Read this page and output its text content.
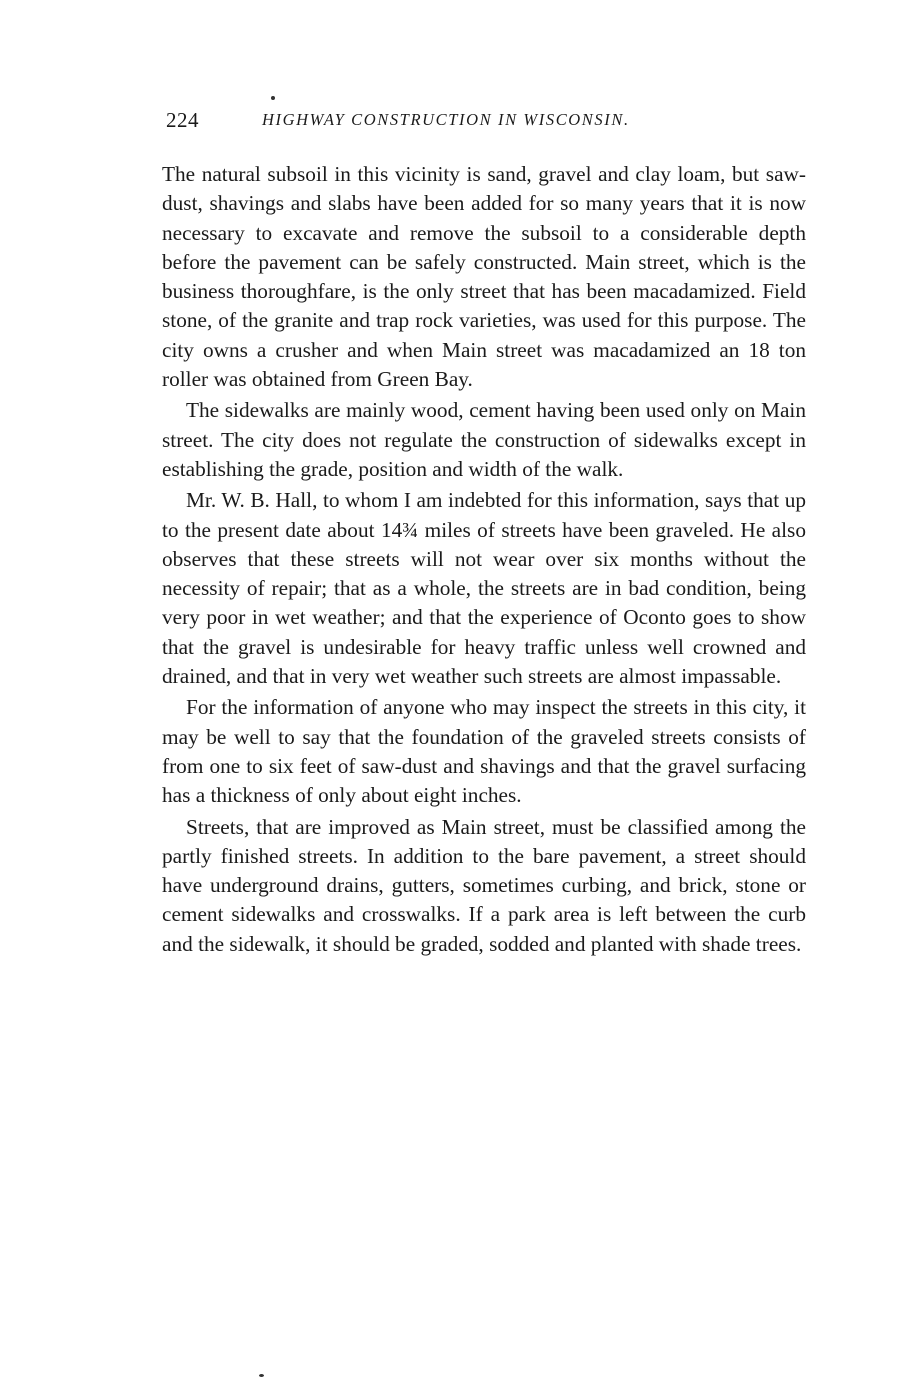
224	HIGHWAY CONSTRUCTION IN WISCONSIN.

The natural subsoil in this vicinity is sand, gravel and clay loam, but saw-dust, shavings and slabs have been added for so many years that it is now necessary to excavate and remove the subsoil to a considerable depth before the pavement can be safely constructed. Main street, which is the business thoroughfare, is the only street that has been macadamized. Field stone, of the granite and trap rock varieties, was used for this purpose. The city owns a crusher and when Main street was macadamized an 18 ton roller was obtained from Green Bay.

The sidewalks are mainly wood, cement having been used only on Main street. The city does not regulate the construction of sidewalks except in establishing the grade, position and width of the walk.

Mr. W. B. Hall, to whom I am indebted for this information, says that up to the present date about 14¾ miles of streets have been graveled. He also observes that these streets will not wear over six months without the necessity of repair; that as a whole, the streets are in bad condition, being very poor in wet weather; and that the experience of Oconto goes to show that the gravel is undesirable for heavy traffic unless well crowned and drained, and that in very wet weather such streets are almost impassable.

For the information of anyone who may inspect the streets in this city, it may be well to say that the foundation of the graveled streets consists of from one to six feet of saw-dust and shavings and that the gravel surfacing has a thickness of only about eight inches.

Streets, that are improved as Main street, must be classified among the partly finished streets. In addition to the bare pavement, a street should have underground drains, gutters, sometimes curbing, and brick, stone or cement sidewalks and crosswalks. If a park area is left between the curb and the sidewalk, it should be graded, sodded and planted with shade trees.
